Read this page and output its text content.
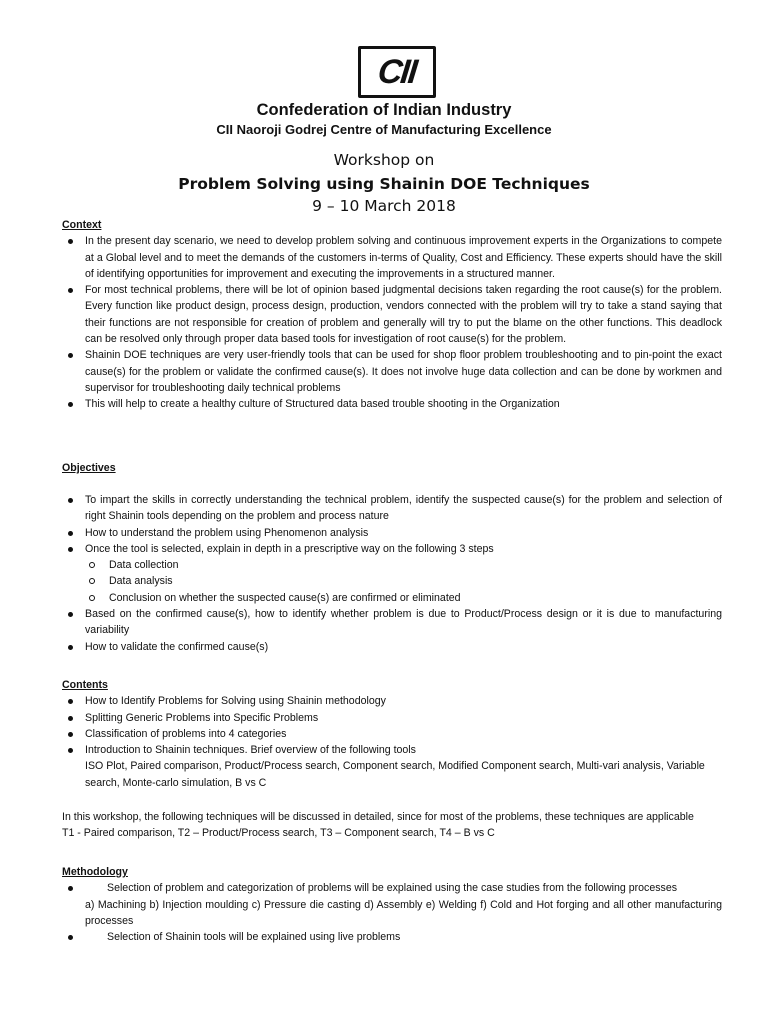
CII
Confederation of Indian Industry
CII Naoroji Godrej Centre of Manufacturing Excellence
Workshop on
Problem Solving using Shainin DOE Techniques
9 – 10 March 2018

Context

In the present day scenario, we need to develop problem solving and continuous improvement experts in the Organizations to compete at a Global level and to meet the demands of the customers in-terms of Quality, Cost and Efficiency. These experts should have the skill of identifying opportunities for improvement and executing the improvements in a structured manner.
For most technical problems, there will be lot of opinion based judgmental decisions taken regarding the root cause(s) for the problem. Every function like product design, process design, production, vendors connected with the problem will try to take a stand saying that their functions are not responsible for creation of problem and generally will try to put the blame on the other functions. This deadlock can be resolved only through proper data based tools for investigation of root cause(s) for the problem.
Shainin DOE techniques are very user-friendly tools that can be used for shop floor problem troubleshooting and to pin-point the exact cause(s) for the problem or validate the confirmed cause(s). It does not involve huge data collection and can be done by workmen and supervisor for troubleshooting daily technical problems
This will help to create a healthy culture of Structured data based trouble shooting in the Organization

Objectives

To impart the skills in correctly understanding the technical problem, identify the suspected cause(s) for the problem and selection of right Shainin tools depending on the problem and process nature
How to understand the problem using Phenomenon analysis
Once the tool is selected, explain in depth in a prescriptive way on the following 3 steps
Data collection
Data analysis
Conclusion on whether the suspected cause(s) are confirmed or eliminated
Based on the confirmed cause(s), how to identify whether problem is due to Product/Process design or it is due to manufacturing variability
How to validate the confirmed cause(s)

Contents

How to Identify Problems for Solving using Shainin methodology
Splitting Generic Problems into Specific Problems
Classification of problems into 4 categories
Introduction to Shainin techniques. Brief overview of the following tools

ISO Plot, Paired comparison, Product/Process search, Component search, Modified Component search, Multi-vari analysis, Variable search, Monte-carlo simulation, B vs C

In this workshop, the following techniques will be discussed in detailed, since for most of the problems, these techniques are applicable

T1 - Paired comparison, T2 – Product/Process search, T3 – Component search, T4 – B vs C

Methodology

Selection of problem and categorization of problems will be explained using the case studies from the following processes

a) Machining b) Injection moulding c) Pressure die casting d) Assembly e) Welding f) Cold and Hot forging and all other manufacturing processes

Selection of Shainin tools will be explained using live problems
